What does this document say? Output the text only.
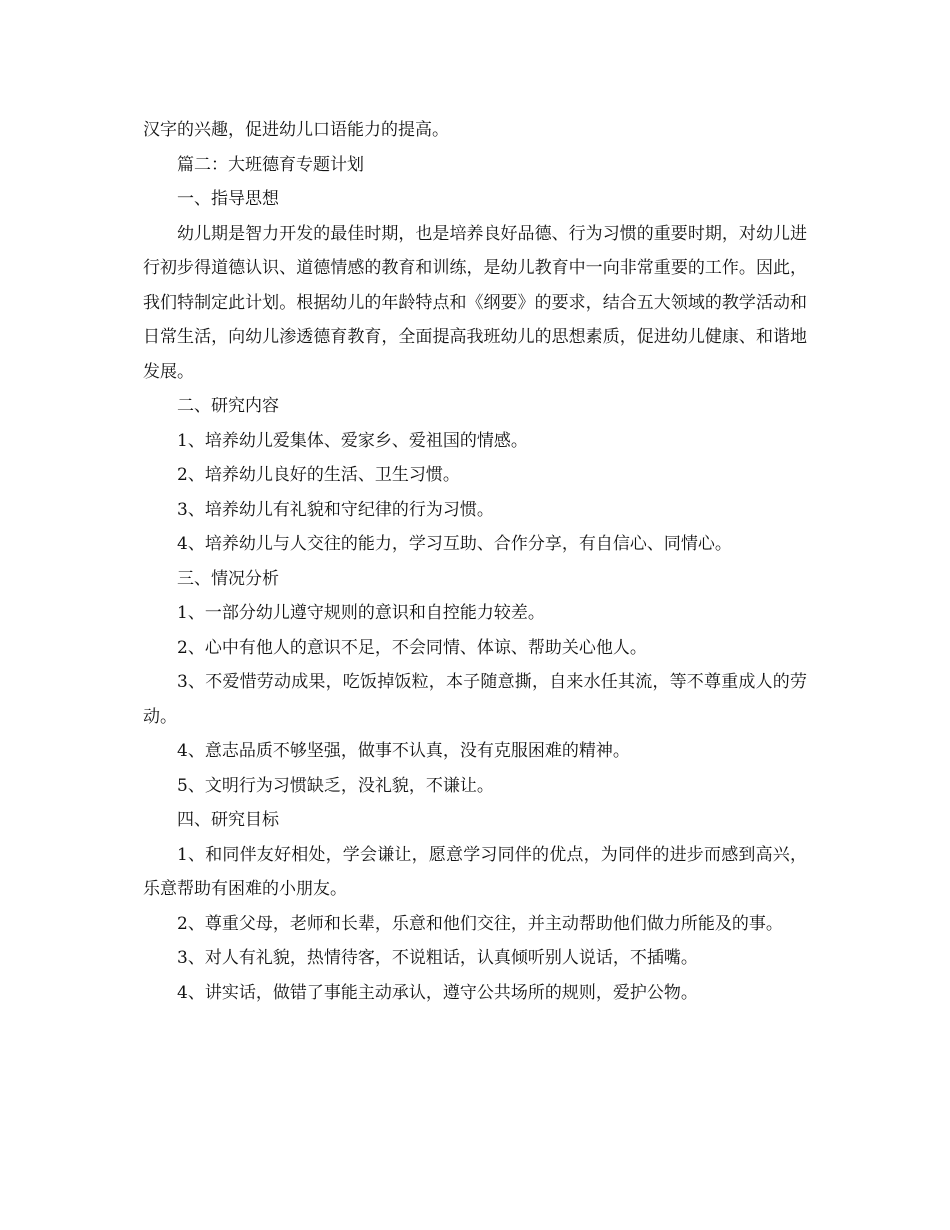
汉字的兴趣，促进幼儿口语能力的提高。

篇二：大班德育专题计划

一、指导思想

幼儿期是智力开发的最佳时期，也是培养良好品德、行为习惯的重要时期，对幼儿进行初步得道德认识、道德情感的教育和训练，是幼儿教育中一向非常重要的工作。因此，我们特制定此计划。根据幼儿的年龄特点和《纲要》的要求，结合五大领域的教学活动和日常生活，向幼儿渗透德育教育，全面提高我班幼儿的思想素质，促进幼儿健康、和谐地发展。

二、研究内容

1、培养幼儿爱集体、爱家乡、爱祖国的情感。

2、培养幼儿良好的生活、卫生习惯。

3、培养幼儿有礼貌和守纪律的行为习惯。

4、培养幼儿与人交往的能力，学习互助、合作分享，有自信心、同情心。

三、情况分析

1、一部分幼儿遵守规则的意识和自控能力较差。

2、心中有他人的意识不足，不会同情、体谅、帮助关心他人。

3、不爱惜劳动成果，吃饭掉饭粒，本子随意撕，自来水任其流，等不尊重成人的劳动。

4、意志品质不够坚强，做事不认真，没有克服困难的精神。

5、文明行为习惯缺乏，没礼貌，不谦让。

四、研究目标

1、和同伴友好相处，学会谦让，愿意学习同伴的优点，为同伴的进步而感到高兴，乐意帮助有困难的小朋友。

2、尊重父母，老师和长辈，乐意和他们交往，并主动帮助他们做力所能及的事。

3、对人有礼貌，热情待客，不说粗话，认真倾听别人说话，不插嘴。

4、讲实话，做错了事能主动承认，遵守公共场所的规则，爱护公物。
